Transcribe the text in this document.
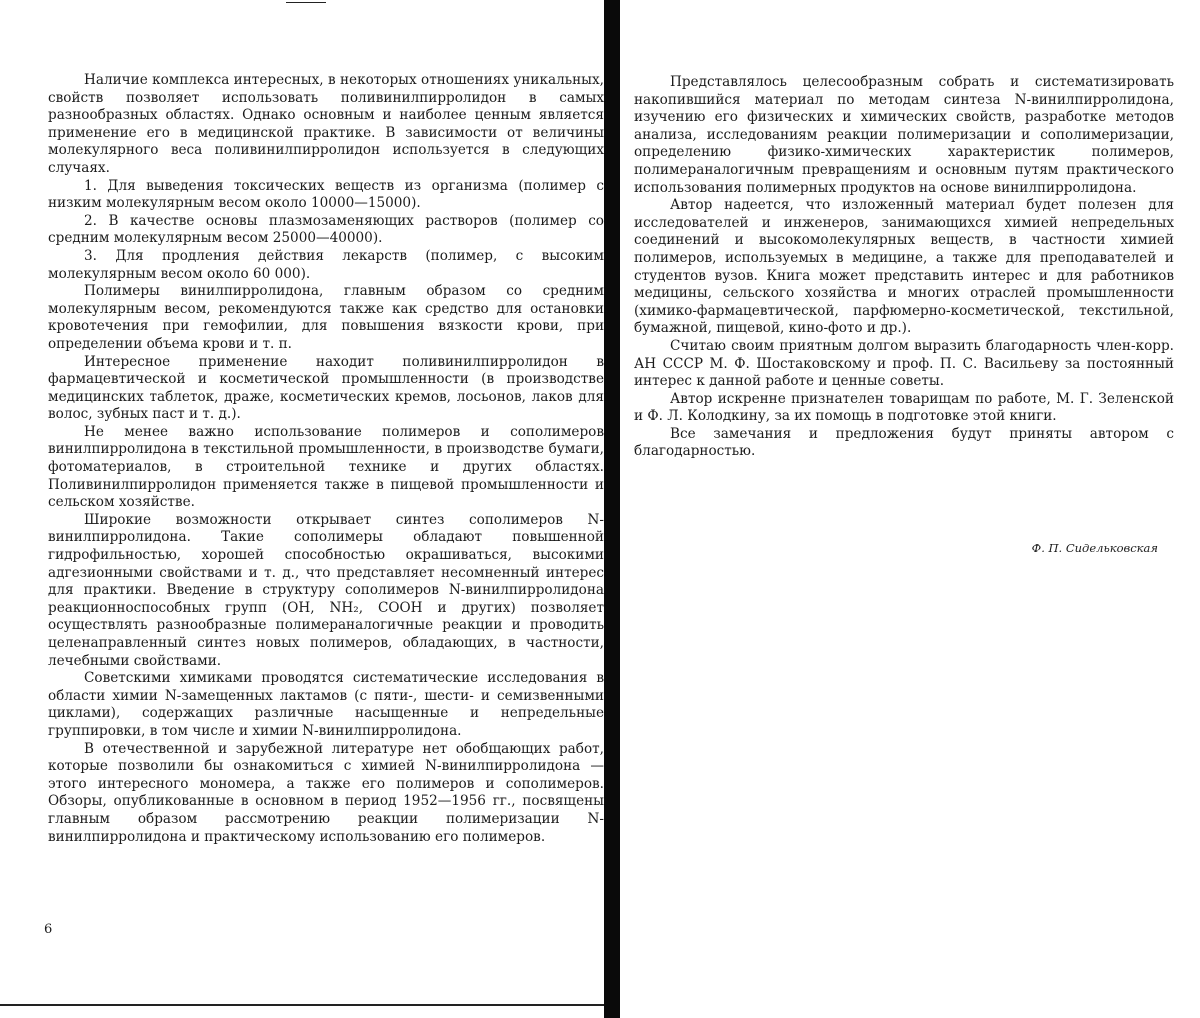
Наличие комплекса интересных, в некоторых отношениях уникальных, свойств позволяет использовать поливинилпирролидон в самых разнообразных областях. Однако основным и наиболее ценным является применение его в медицинской практике. В зависимости от величины молекулярного веса поливинилпирролидон используется в следующих случаях.

1. Для выведения токсических веществ из организма (полимер с низким молекулярным весом около 10000—15000).

2. В качестве основы плазмозаменяющих растворов (полимер со средним молекулярным весом 25000—40000).

3. Для продления действия лекарств (полимер, с высоким молекулярным весом около 60 000).

Полимеры винилпирролидона, главным образом со средним молекулярным весом, рекомендуются также как средство для остановки кровотечения при гемофилии, для повышения вязкости крови, при определении объема крови и т. п.

Интересное применение находит поливинилпирролидон в фармацевтической и косметической промышленности (в производстве медицинских таблеток, драже, косметических кремов, лосьонов, лаков для волос, зубных паст и т. д.).

Не менее важно использование полимеров и сополимеров винилпирролидона в текстильной промышленности, в производстве бумаги, фотоматериалов, в строительной технике и других областях. Поливинилпирролидон применяется также в пищевой промышленности и сельском хозяйстве.

Широкие возможности открывает синтез сополимеров N-винилпирролидона. Такие сополимеры обладают повышенной гидрофильностью, хорошей способностью окрашиваться, высокими адгезионными свойствами и т. д., что представляет несомненный интерес для практики. Введение в структуру сополимеров N-винилпирролидона реакционноспособных групп (OH, NH₂, COOH и других) позволяет осуществлять разнообразные полимераналогичные реакции и проводить целенаправленный синтез новых полимеров, обладающих, в частности, лечебными свойствами.

Советскими химиками проводятся систематические исследования в области химии N-замещенных лактамов (с пяти-, шести- и семизвенными циклами), содержащих различные насыщенные и непредельные группировки, в том числе и химии N-винилпирролидона.

В отечественной и зарубежной литературе нет обобщающих работ, которые позволили бы ознакомиться с химией N-винилпирролидона — этого интересного мономера, а также его полимеров и сополимеров. Обзоры, опубликованные в основном в период 1952—1956 гг., посвящены главным образом рассмотрению реакции полимеризации N-винилпирролидона и практическому использованию его полимеров.

6

Представлялось целесообразным собрать и систематизировать накопившийся материал по методам синтеза N-винилпирролидона, изучению его физических и химических свойств, разработке методов анализа, исследованиям реакции полимеризации и сополимеризации, определению физико-химических характеристик полимеров, полимераналогичным превращениям и основным путям практического использования полимерных продуктов на основе винилпирролидона.

Автор надеется, что изложенный материал будет полезен для исследователей и инженеров, занимающихся химией непредельных соединений и высокомолекулярных веществ, в частности химией полимеров, используемых в медицине, а также для преподавателей и студентов вузов. Книга может представить интерес и для работников медицины, сельского хозяйства и многих отраслей промышленности (химико-фармацевтической, парфюмерно-косметической, текстильной, бумажной, пищевой, кино-фото и др.).

Считаю своим приятным долгом выразить благодарность член-корр. АН СССР М. Ф. Шостаковскому и проф. П. С. Васильеву за постоянный интерес к данной работе и ценные советы.

Автор искренне признателен товарищам по работе, М. Г. Зеленской и Ф. Л. Колодкину, за их помощь в подготовке этой книги.

Все замечания и предложения будут приняты автором с благодарностью.

Ф. П. Сидельковская
